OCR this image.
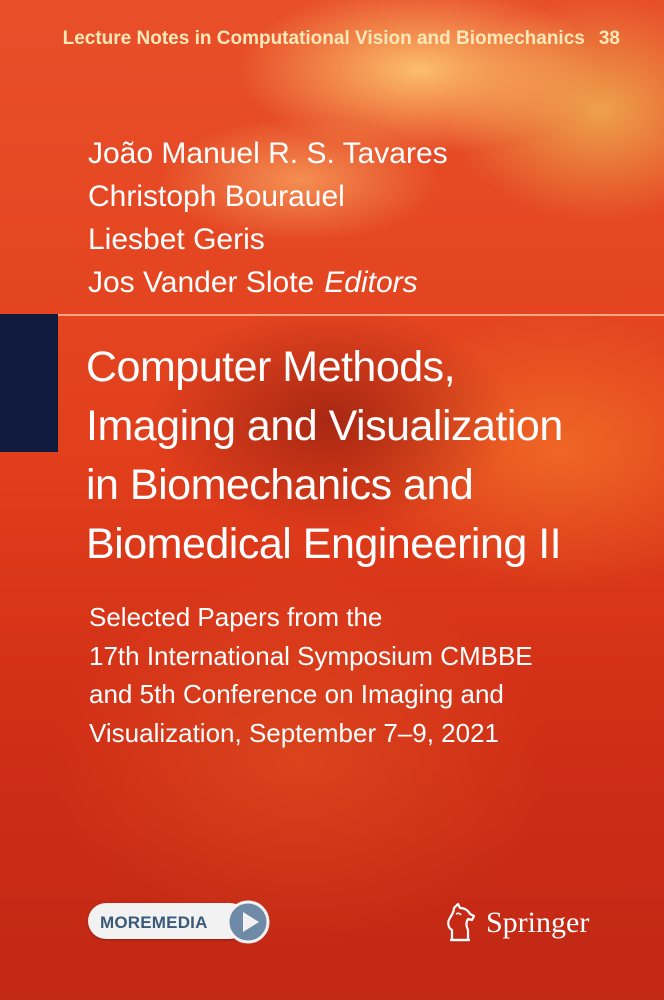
Lecture Notes in Computational Vision and Biomechanics 38
João Manuel R. S. Tavares
Christoph Bourauel
Liesbet Geris
Jos Vander Slote Editors
Computer Methods,
Imaging and Visualization
in Biomechanics and
Biomedical Engineering II
Selected Papers from the
17th International Symposium CMBBE
and 5th Conference on Imaging and
Visualization, September 7–9, 2021
MOREMEDIA	Springer
